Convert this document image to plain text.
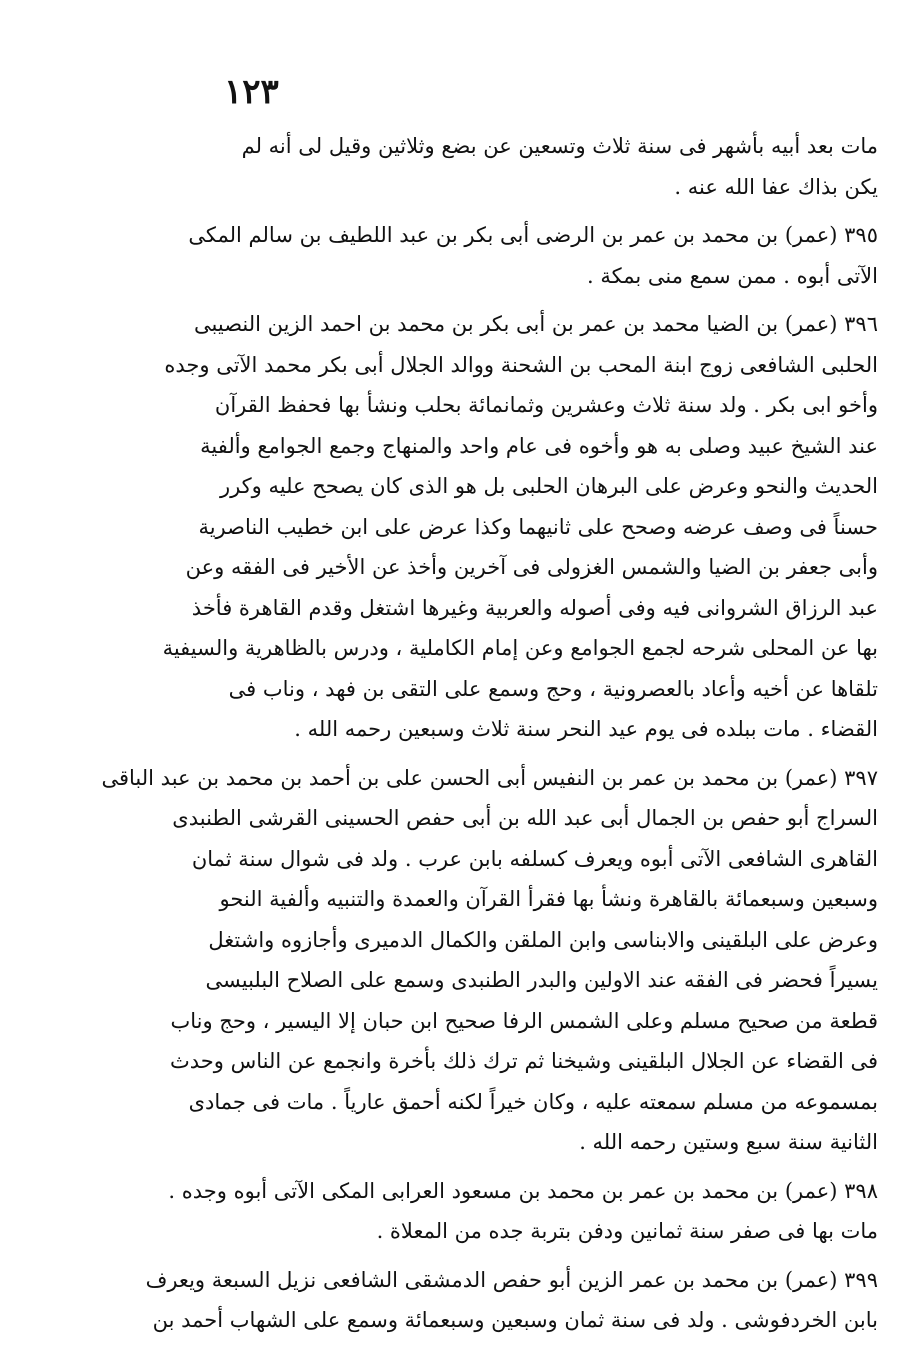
١٢٣
مات بعد أبيه بأشهر فى سنة ثلاث وتسعين عن بضع وثلاثين وقيل لى أنه لم
يكن بذاك عفا الله عنه .
٣٩٥ (عمر) بن محمد بن عمر بن الرضى أبى بكر بن عبد اللطيف بن سالم المكى
الآتى أبوه . ممن سمع منى بمكة .
٣٩٦ (عمر) بن الضيا محمد بن عمر بن أبى بكر بن محمد بن احمد الزين النصيبى
الحلبى الشافعى زوج ابنة المحب بن الشحنة ووالد الجلال أبى بكر محمد الآتى وجده
وأخو ابى بكر . ولد سنة ثلاث وعشرين وثمانمائة بحلب ونشأ بها فحفظ القرآن
عند الشيخ عبيد وصلى به هو وأخوه فى عام واحد والمنهاج وجمع الجوامع وألفية
الحديث والنحو وعرض على البرهان الحلبى بل هو الذى كان يصحح عليه وكرر
حسناً فى وصف عرضه وصحح على ثانيهما وكذا عرض على ابن خطيب الناصرية
وأبى جعفر بن الضيا والشمس الغزولى فى آخرين وأخذ عن الأخير فى الفقه وعن
عبد الرزاق الشروانى فيه وفى أصوله والعربية وغيرها اشتغل وقدم القاهرة فأخذ
بها عن المحلى شرحه لجمع الجوامع وعن إمام الكاملية ، ودرس بالظاهرية والسيفية
تلقاها عن أخيه وأعاد بالعصرونية ، وحج وسمع على التقى بن فهد ، وناب فى
القضاء . مات ببلده فى يوم عيد النحر سنة ثلاث وسبعين رحمه الله .
٣٩٧ (عمر) بن محمد بن عمر بن النفيس أبى الحسن على بن أحمد بن محمد بن عبد الباقى
السراج أبو حفص بن الجمال أبى عبد الله بن أبى حفص الحسينى القرشى الطنبدى
القاهرى الشافعى الآتى أبوه ويعرف كسلفه بابن عرب . ولد فى شوال سنة ثمان
وسبعين وسبعمائة بالقاهرة ونشأ بها فقرأ القرآن والعمدة والتنبيه وألفية النحو
وعرض على البلقينى والابناسى وابن الملقن والكمال الدميرى وأجازوه واشتغل
يسيراً فحضر فى الفقه عند الاولين والبدر الطنبدى وسمع على الصلاح البلبيسى
قطعة من صحيح مسلم وعلى الشمس الرفا صحيح ابن حبان إلا اليسير ، وحج وناب
فى القضاء عن الجلال البلقينى وشيخنا ثم ترك ذلك بأخرة وانجمع عن الناس وحدث
بمسموعه من مسلم سمعته عليه ، وكان خيراً لكنه أحمق عارياً . مات فى جمادى
الثانية سنة سبع وستين رحمه الله .
٣٩٨ (عمر) بن محمد بن عمر بن محمد بن مسعود العرابى المكى الآتى أبوه وجده .
مات بها فى صفر سنة ثمانين ودفن بتربة جده من المعلاة .
٣٩٩ (عمر) بن محمد بن عمر الزين أبو حفص الدمشقى الشافعى نزيل السبعة ويعرف
بابن الخردفوشى . ولد فى سنة ثمان وسبعين وسبعمائة وسمع على الشهاب أحمد بن
